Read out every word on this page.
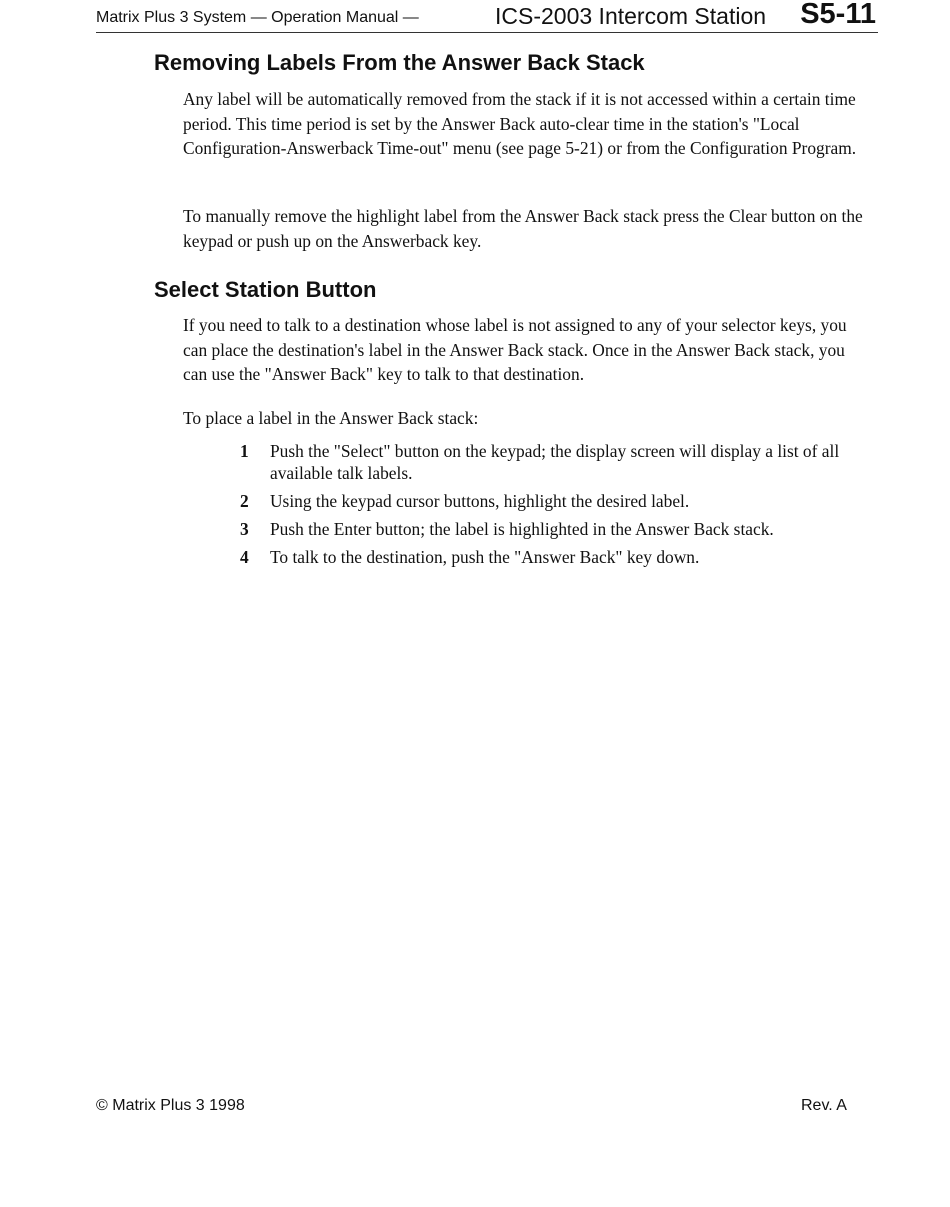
Matrix Plus 3 System — Operation Manual —	ICS-2003 Intercom Station S5-11
Removing Labels From the Answer Back Stack

Any label will be automatically removed from the stack if it is not accessed within a certain time period. This time period is set by the Answer Back auto-clear time in the station's "Local Configuration-Answerback Time-out" menu (see page 5-21) or from the Configuration Program.

To manually remove the highlight label from the Answer Back stack press the Clear button on the keypad or push up on the Answerback key.

Select Station Button

If you need to talk to a destination whose label is not assigned to any of your selector keys, you can place the destination's label in the Answer Back stack. Once in the Answer Back stack, you can use the "Answer Back" key to talk to that destination.

To place a label in the Answer Back stack:

1 Push the "Select" button on the keypad; the display screen will display a list of all available talk labels.
2 Using the keypad cursor buttons, highlight the desired label.
3 Push the Enter button; the label is highlighted in the Answer Back stack.
4 To talk to the destination, push the "Answer Back" key down.
© Matrix Plus 3 1998	Rev. A
